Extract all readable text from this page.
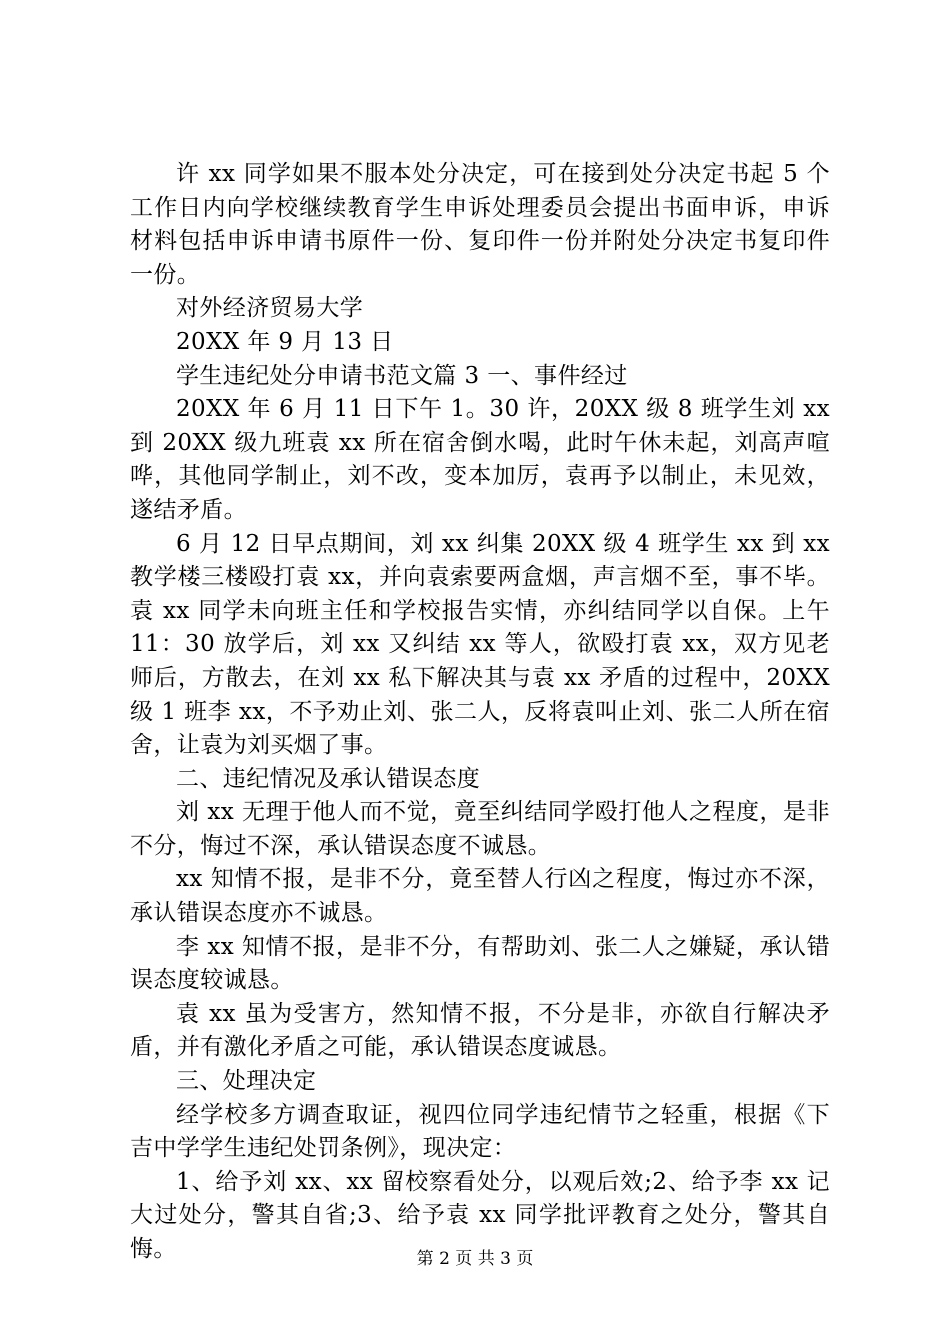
许 xx 同学如果不服本处分决定，可在接到处分决定书起 5 个工作日内向学校继续教育学生申诉处理委员会提出书面申诉，申诉材料包括申诉申请书原件一份、复印件一份并附处分决定书复印件一份。

对外经济贸易大学

20XX 年 9 月 13 日

学生违纪处分申请书范文篇 3 一、事件经过

20XX 年 6 月 11 日下午 1。30 许，20XX 级 8 班学生刘 xx 到 20XX 级九班袁 xx 所在宿舍倒水喝，此时午休未起，刘高声喧哗，其他同学制止，刘不改，变本加厉，袁再予以制止，未见效，遂结矛盾。

6 月 12 日早点期间，刘 xx 纠集 20XX 级 4 班学生 xx 到 xx 教学楼三楼殴打袁 xx，并向袁索要两盒烟，声言烟不至，事不毕。袁 xx 同学未向班主任和学校报告实情，亦纠结同学以自保。上午 11：30 放学后，刘 xx 又纠结 xx 等人，欲殴打袁 xx，双方见老师后，方散去，在刘 xx 私下解决其与袁 xx 矛盾的过程中，20XX 级 1 班李 xx，不予劝止刘、张二人，反将袁叫止刘、张二人所在宿舍，让袁为刘买烟了事。

二、违纪情况及承认错误态度

刘 xx 无理于他人而不觉，竟至纠结同学殴打他人之程度，是非不分，悔过不深，承认错误态度不诚恳。

xx 知情不报，是非不分，竟至替人行凶之程度，悔过亦不深，承认错误态度亦不诚恳。

李 xx 知情不报，是非不分，有帮助刘、张二人之嫌疑，承认错误态度较诚恳。

袁 xx 虽为受害方，然知情不报，不分是非，亦欲自行解决矛盾，并有激化矛盾之可能，承认错误态度诚恳。

三、处理决定

经学校多方调查取证，视四位同学违纪情节之轻重，根据《下吉中学学生违纪处罚条例》，现决定：

1、给予刘 xx、xx 留校察看处分，以观后效;2、给予李 xx 记大过处分，警其自省;3、给予袁 xx 同学批评教育之处分，警其自悔。	第 2 页 共 3 页
